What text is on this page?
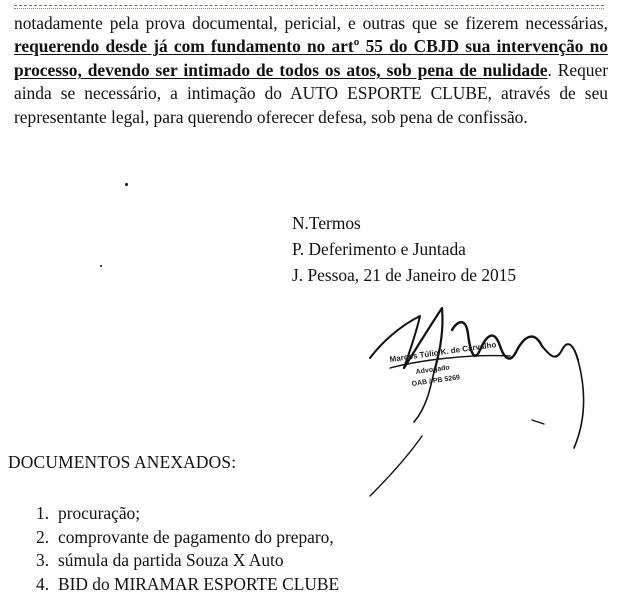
notadamente pela prova documental, pericial, e outras que se fizerem necessárias, requerendo desde já com fundamento no artº 55 do CBJD sua intervenção no processo, devendo ser intimado de todos os atos, sob pena de nulidade. Requer ainda se necessário, a intimação do AUTO ESPORTE CLUBE, através de seu representante legal, para querendo oferecer defesa, sob pena de confissão.

N.Termos
P. Deferimento e Juntada
J. Pessoa, 21 de Janeiro de 2015
Marcos Túlio K. de Carvalho
Advogado
OAB / PB 5269
DOCUMENTOS ANEXADOS:
1. procuração;
2. comprovante de pagamento do preparo,
3. súmula da partida Souza X Auto
4. BID do MIRAMAR ESPORTE CLUBE
